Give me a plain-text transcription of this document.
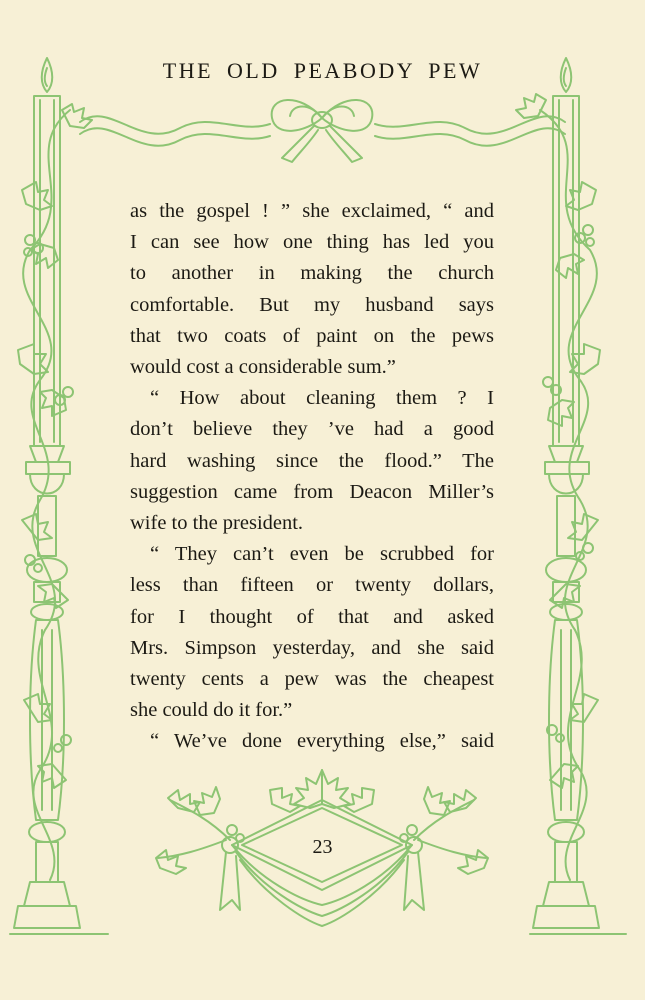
THE OLD PEABODY PEW
as the gospel ! ” she exclaimed, “ and
I can see how one thing has led you
to another in making the church
comfortable. But my husband says
that two coats of paint on the pews
would cost a considerable sum.”
“ How about cleaning them ? I
don’t believe they ’ve had a good
hard washing since the flood.” The
suggestion came from Deacon Miller’s
wife to the president.
“ They can’t even be scrubbed for
less than fifteen or twenty dollars,
for I thought of that and asked
Mrs. Simpson yesterday, and she said
twenty cents a pew was the cheapest
she could do it for.”
“ We’ve done everything else,” said
23
